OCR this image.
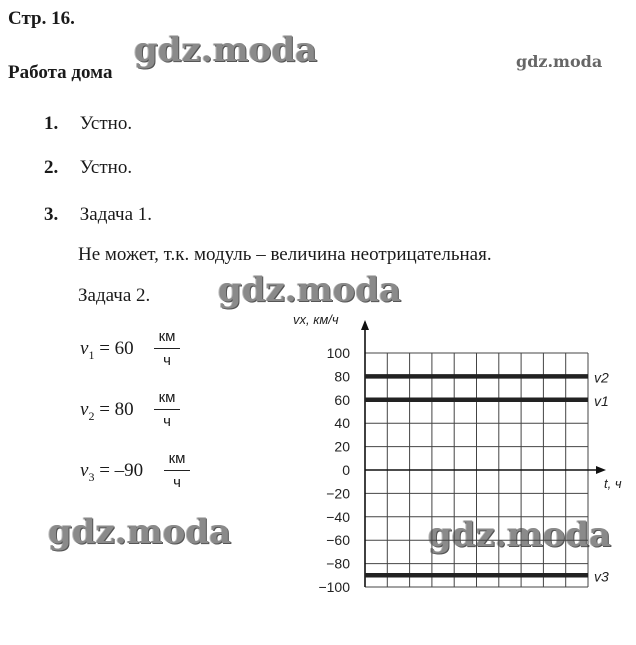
Стр. 16.
Работа дома
gdz.moda	gdz.moda
gdz.moda
gdz.moda	gdz.moda
1. Устно.
2. Устно.
3. Задача 1.
Не может, т.к. модуль – величина неотрицательная.
Задача 2.
$v_1 = 60$
км
ч
$v_2 = 80$
км
ч
$v_3 = -90$
км
ч
100
80
60
40
20
0
−20
−40
−60
−80
−100
v2
v1
v3
vx, км/ч
t, ч
